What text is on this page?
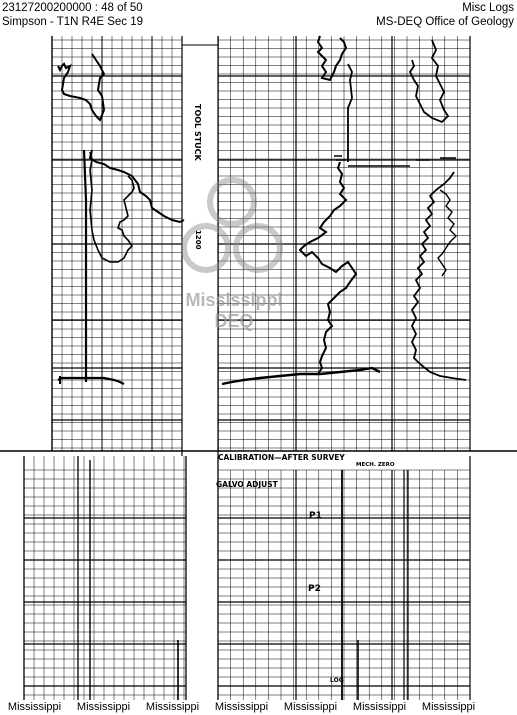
23127200200000 : 48 of 50
Simpson - T1N R4E Sec 19
Misc Logs
MS-DEQ Office of Geology
Mississippi
DEQ
TOOL STUCK
1200
CALIBRATION—AFTER SURVEY
MECH. ZERO
GALVO ADJUST
P1
P2
LOG
Mississippi	Mississippi	Mississippi	Mississippi	Mississippi	Mississippi	Mississippi
